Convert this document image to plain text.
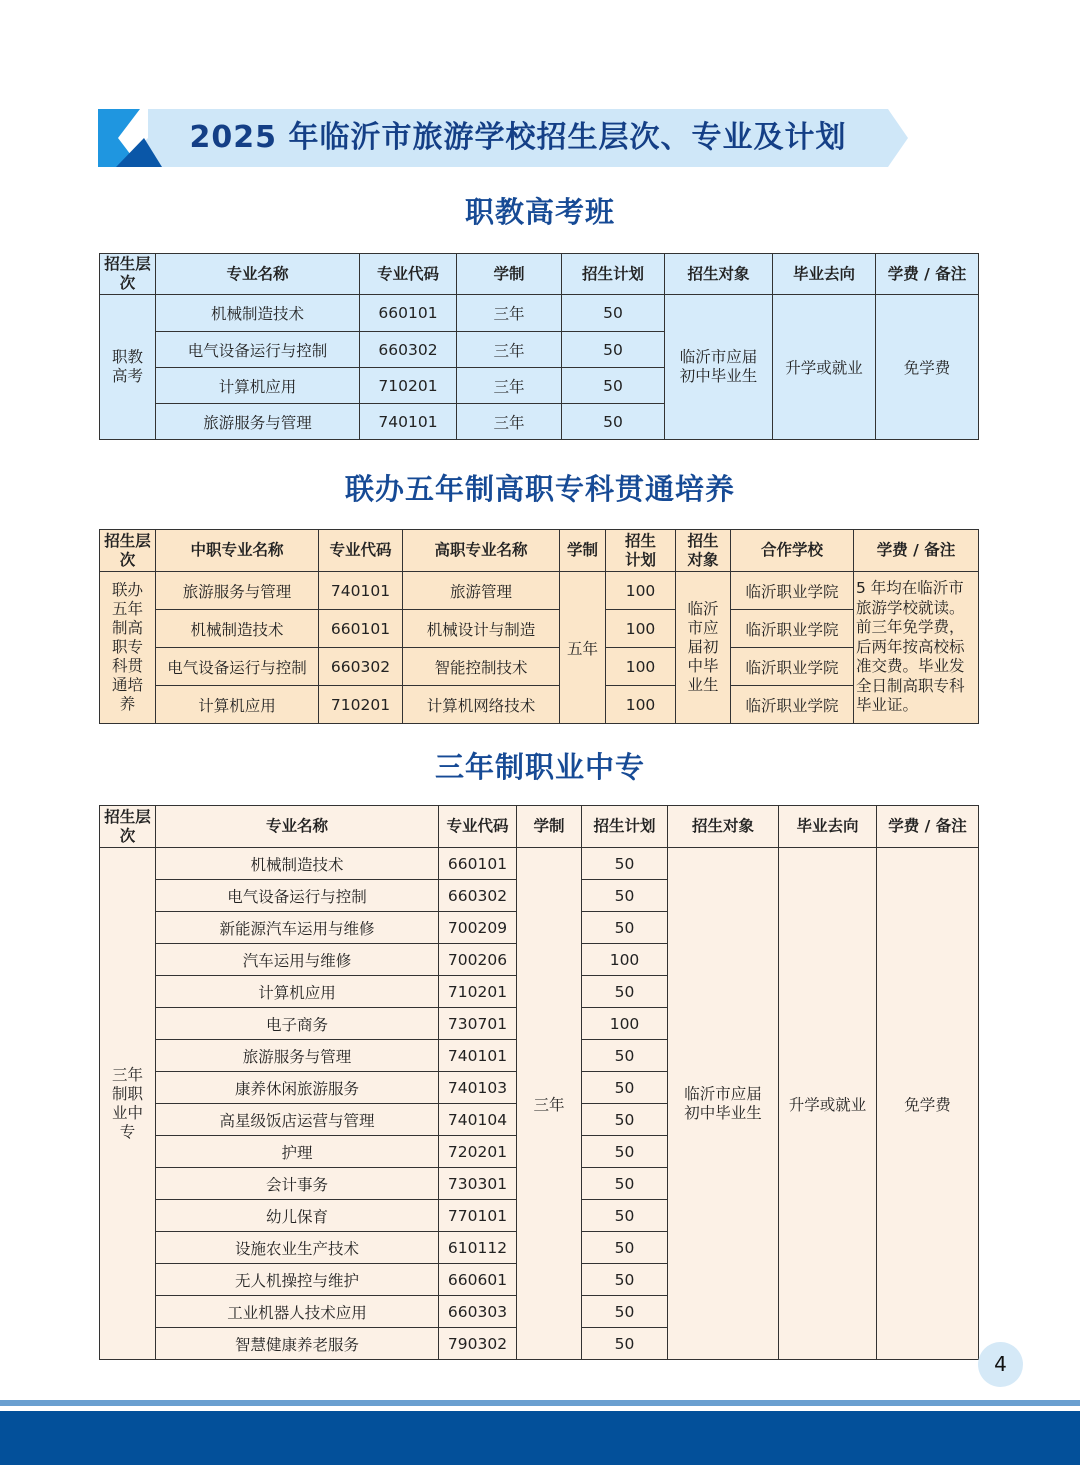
2025 年临沂市旅游学校招生层次、专业及计划
职教高考班
招生层次	专业名称	专业代码	学制	招生计划	招生对象	毕业去向	学费 / 备注
职教高考	机械制造技术	660101	三年	50	临沂市应届初中毕业生	升学或就业	免学费
	电气设备运行与控制	660302	三年	50			
	计算机应用	710201	三年	50			
	旅游服务与管理	740101	三年	50			
联办五年制高职专科贯通培养
招生层次	中职专业名称	专业代码	高职专业名称	学制	招生计划	招生对象	合作学校	学费 / 备注
联办五年制高职专科贯通培养	旅游服务与管理	740101	旅游管理	五年	100	临沂市应届初中毕业生	临沂职业学院	5 年均在临沂市旅游学校就读。前三年免学费，后两年按高校标准交费。毕业发全日制高职专科毕业证。
	机械制造技术	660101	机械设计与制造		100		临沂职业学院	
	电气设备运行与控制	660302	智能控制技术		100		临沂职业学院	
	计算机应用	710201	计算机网络技术		100		临沂职业学院	
三年制职业中专
招生层次	专业名称	专业代码	学制	招生计划	招生对象	毕业去向	学费 / 备注
三年制职业中专	机械制造技术	660101	三年	50	临沂市应届初中毕业生	升学或就业	免学费
	电气设备运行与控制	660302		50			
	新能源汽车运用与维修	700209		50			
	汽车运用与维修	700206		100			
	计算机应用	710201		50			
	电子商务	730701		100			
	旅游服务与管理	740101		50			
	康养休闲旅游服务	740103		50			
	高星级饭店运营与管理	740104		50			
	护理	720201		50			
	会计事务	730301		50			
	幼儿保育	770101		50			
	设施农业生产技术	610112		50			
	无人机操控与维护	660601		50			
	工业机器人技术应用	660303		50			
	智慧健康养老服务	790302		50			
4
